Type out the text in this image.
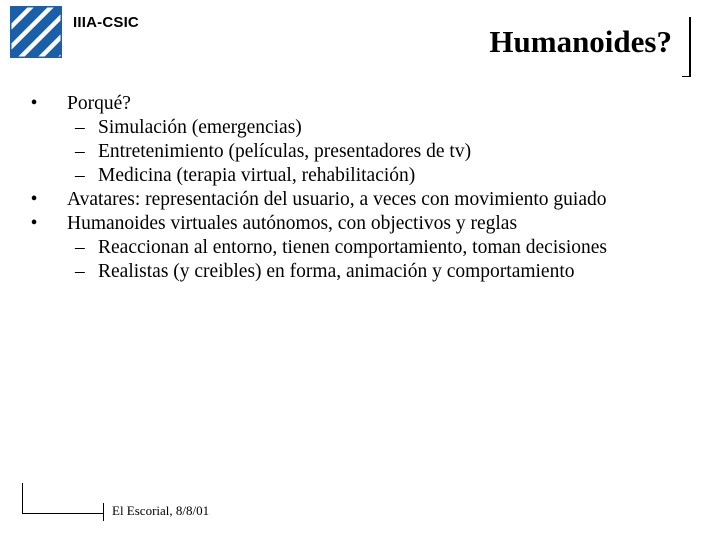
IIIA-CSIC
Humanoides?
•	Porqué?
– Simulación (emergencias)
– Entretenimiento (películas, presentadores de tv)
– Medicina (terapia virtual, rehabilitación)
•	Avatares: representación del usuario, a veces con movimiento guiado
•	Humanoides virtuales autónomos, con objectivos y reglas
– Reaccionan al entorno, tienen comportamiento, toman decisiones
– Realistas (y creibles) en forma, animación y comportamiento
El Escorial, 8/8/01
